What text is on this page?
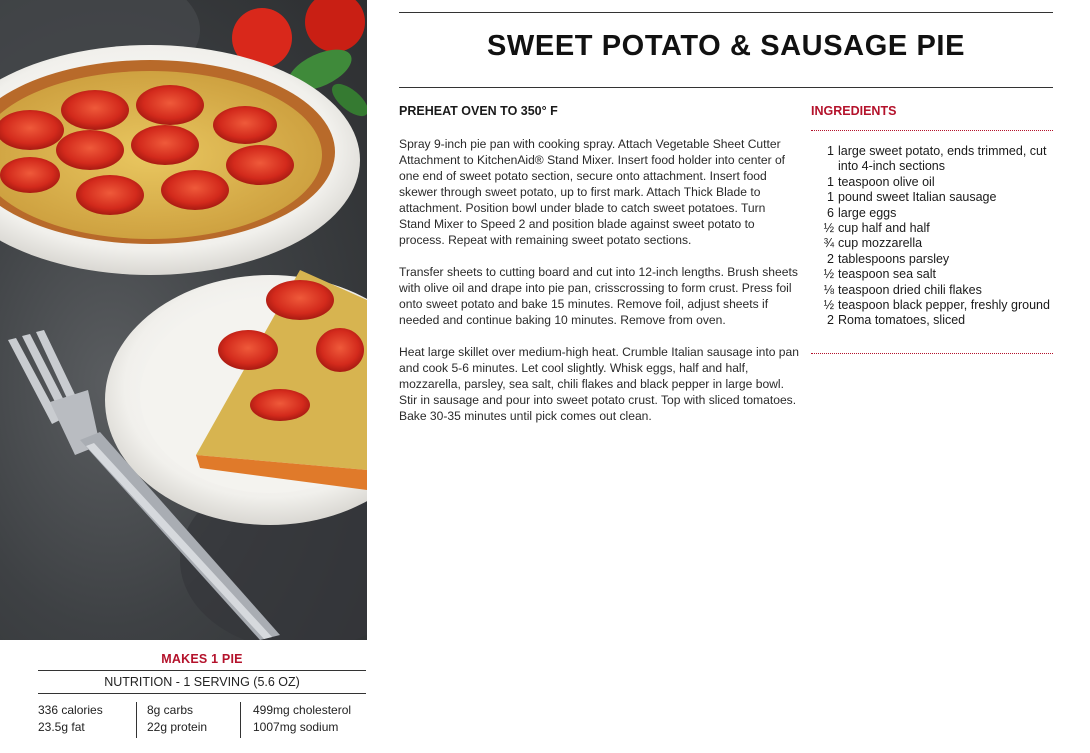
MAKES 1 PIE
NUTRITION - 1 SERVING (5.6 OZ)
336 calories
23.5g fat
8g carbs
22g protein
499mg cholesterol
1007mg sodium
SWEET POTATO & SAUSAGE PIE
PREHEAT OVEN TO 350° F

Spray 9-inch pie pan with cooking spray. Attach Vegetable Sheet Cutter Attachment to KitchenAid® Stand Mixer. Insert food holder into center of one end of sweet potato section, secure onto attachment. Insert food skewer through sweet potato, up to first mark. Attach Thick Blade to attachment. Position bowl under blade to catch sweet potatoes. Turn Stand Mixer to Speed 2 and position blade against sweet potato to process. Repeat with remaining sweet potato sections.

Transfer sheets to cutting board and cut into 12-inch lengths. Brush sheets with olive oil and drape into pie pan, crisscrossing to form crust. Press foil onto sweet potato and bake 15 minutes. Remove foil, adjust sheets if needed and continue baking 10 minutes. Remove from oven.

Heat large skillet over medium-high heat. Crumble Italian sausage into pan and cook 5-6 minutes. Let cool slightly. Whisk eggs, half and half, mozzarella, parsley, sea salt, chili flakes and black pepper in large bowl. Stir in sausage and pour into sweet potato crust. Top with sliced tomatoes. Bake 30-35 minutes until pick comes out clean.

INGREDIENTS
1 large sweet potato, ends trimmed, cut into 4-inch sections
1 teaspoon olive oil
1 pound sweet Italian sausage
6 large eggs
½ cup half and half
¾ cup mozzarella
2 tablespoons parsley
½ teaspoon sea salt
⅛ teaspoon dried chili flakes
½ teaspoon black pepper, freshly ground
2 Roma tomatoes, sliced
